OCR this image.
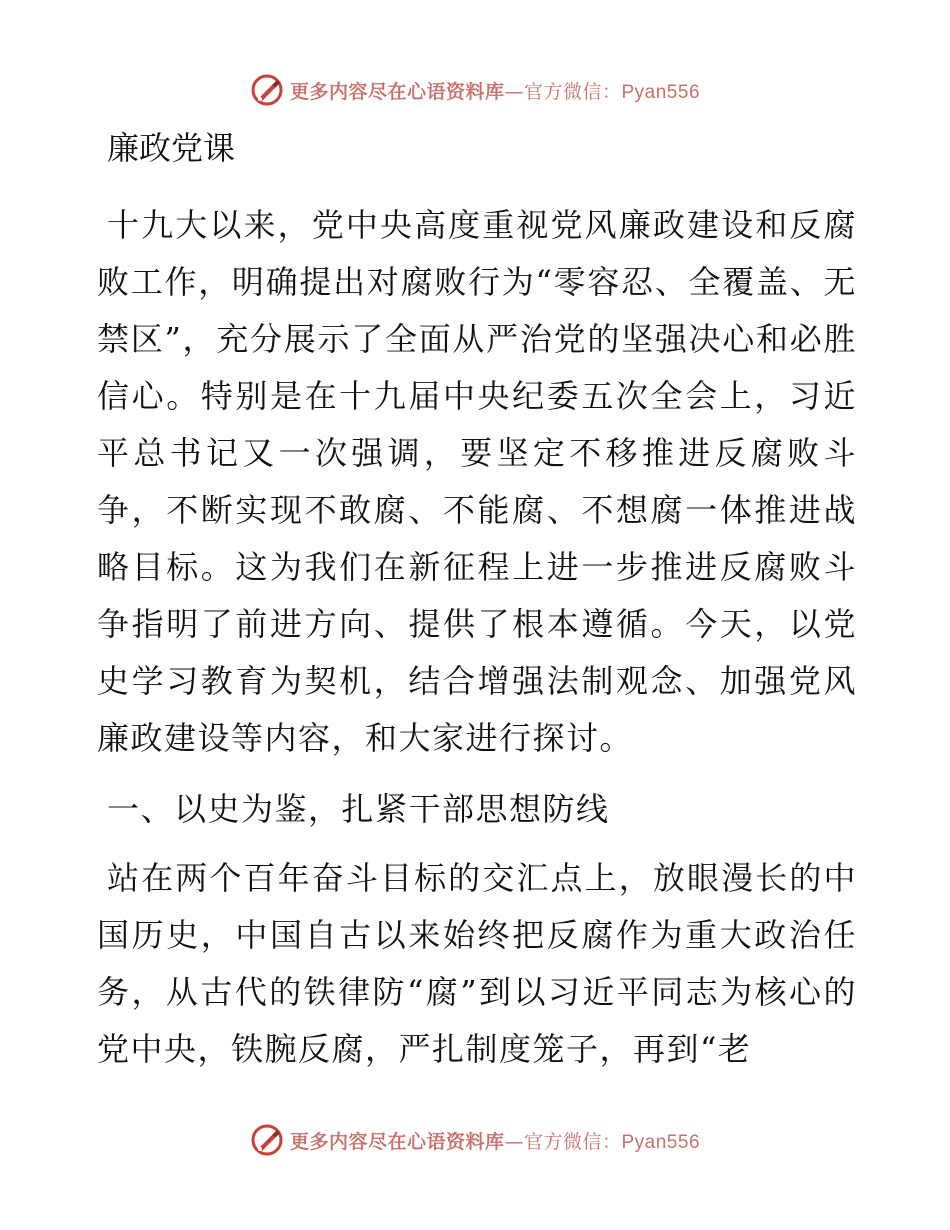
更多内容尽在心语资料库—官方微信：Pyan556
廉政党课

十九大以来，党中央高度重视党风廉政建设和反腐败工作，明确提出对腐败行为“零容忍、全覆盖、无禁区”，充分展示了全面从严治党的坚强决心和必胜信心。特别是在十九届中央纪委五次全会上，习近平总书记又一次强调，要坚定不移推进反腐败斗争，不断实现不敢腐、不能腐、不想腐一体推进战略目标。这为我们在新征程上进一步推进反腐败斗争指明了前进方向、提供了根本遵循。今天，以党史学习教育为契机，结合增强法制观念、加强党风廉政建设等内容，和大家进行探讨。

一、以史为鉴，扎紧干部思想防线

站在两个百年奋斗目标的交汇点上，放眼漫长的中国历史，中国自古以来始终把反腐作为重大政治任务，从古代的铁律防“腐”到以习近平同志为核心的党中央，铁腕反腐，严扎制度笼子，再到“老

更多内容尽在心语资料库—官方微信：Pyan556
